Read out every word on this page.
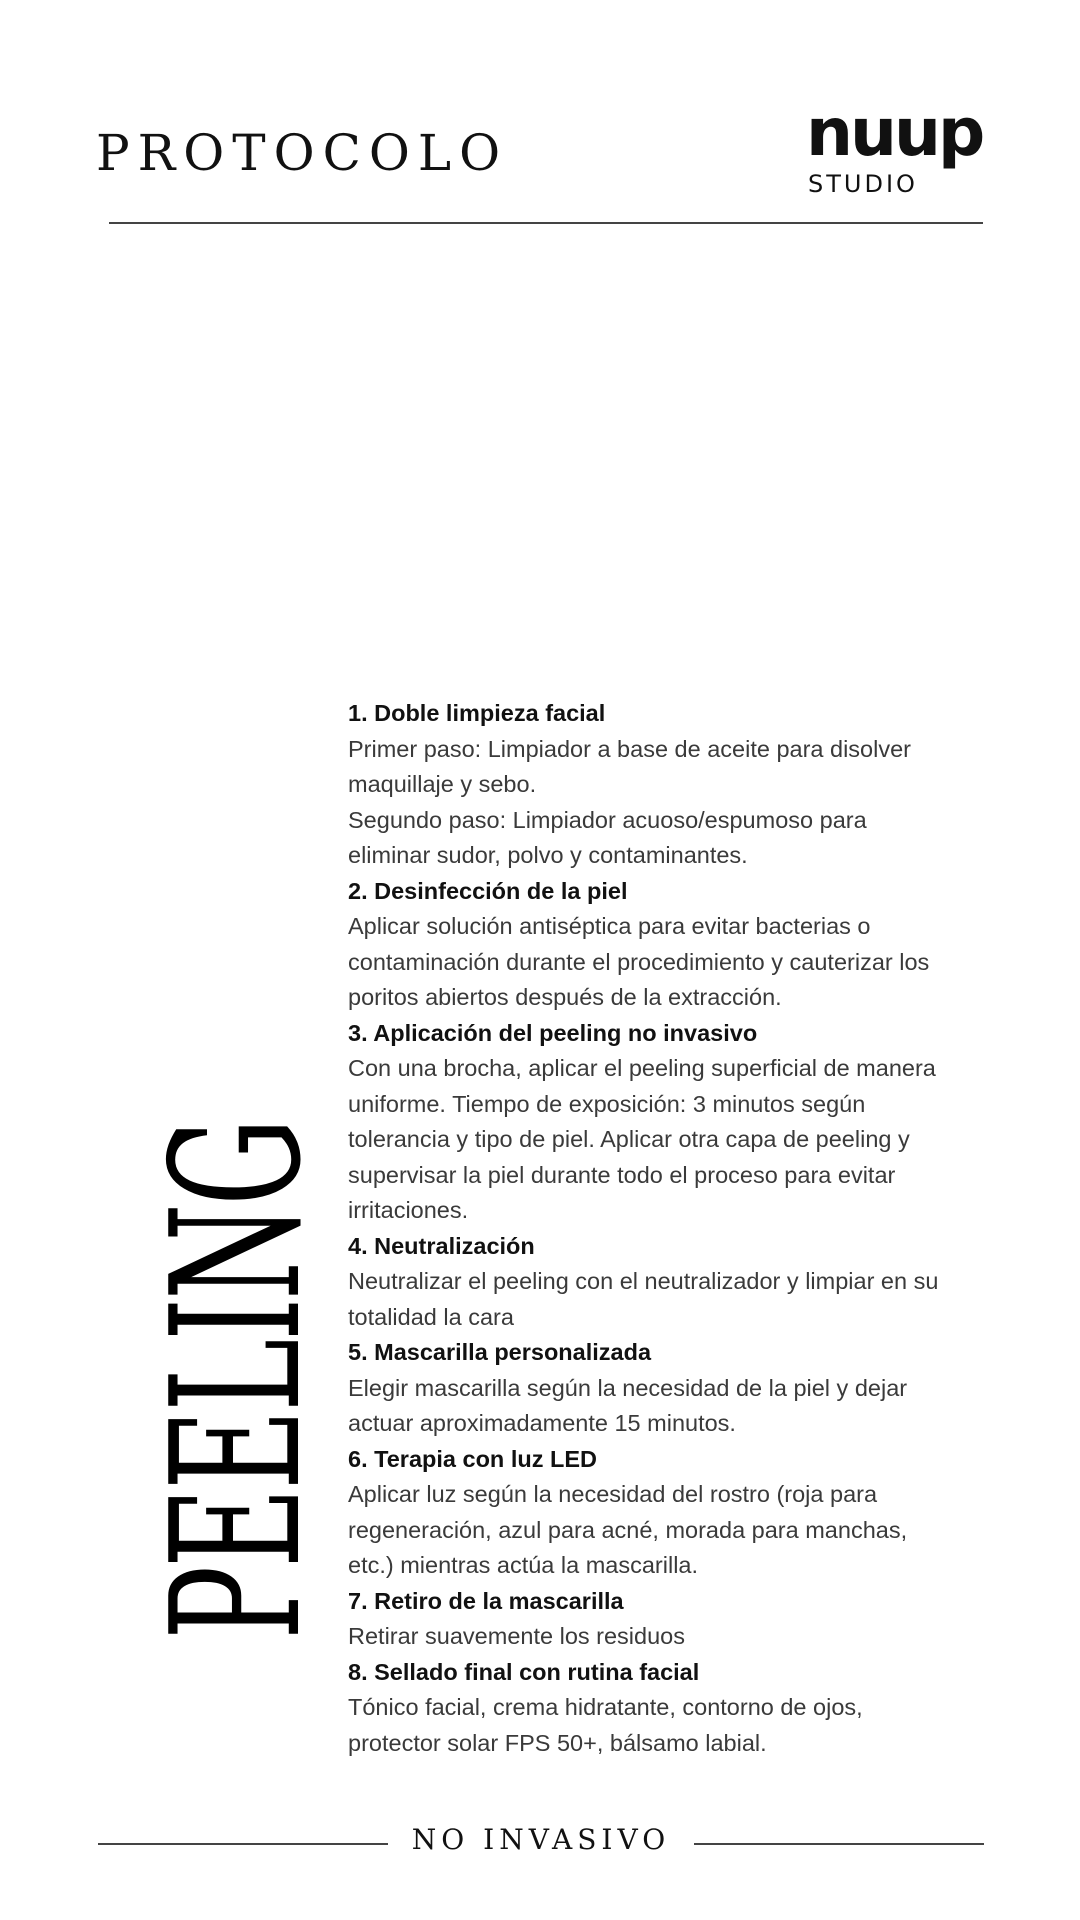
PROTOCOLO	nuup
STUDIO
PEELING

1. Doble limpieza facial

Primer paso: Limpiador a base de aceite para disolver maquillaje y sebo.
Segundo paso: Limpiador acuoso/espumoso para eliminar sudor, polvo y contaminantes.

2. Desinfección de la piel

Aplicar solución antiséptica para evitar bacterias o contaminación durante el procedimiento y cauterizar los poritos abiertos después de la extracción.

3. Aplicación del peeling no invasivo

Con una brocha, aplicar el peeling superficial de manera uniforme. Tiempo de exposición: 3 minutos según tolerancia y tipo de piel. Aplicar otra capa de peeling y supervisar la piel durante todo el proceso para evitar irritaciones.

4. Neutralización

Neutralizar el peeling con el neutralizador y limpiar en su totalidad la cara

5. Mascarilla personalizada

Elegir mascarilla según la necesidad de la piel y dejar actuar aproximadamente 15 minutos.

6. Terapia con luz LED

Aplicar luz según la necesidad del rostro (roja para regeneración, azul para acné, morada para manchas, etc.) mientras actúa la mascarilla.

7. Retiro de la mascarilla

Retirar suavemente los residuos

8. Sellado final con rutina facial

Tónico facial, crema hidratante, contorno de ojos, protector solar FPS 50+, bálsamo labial.

NO INVASIVO
